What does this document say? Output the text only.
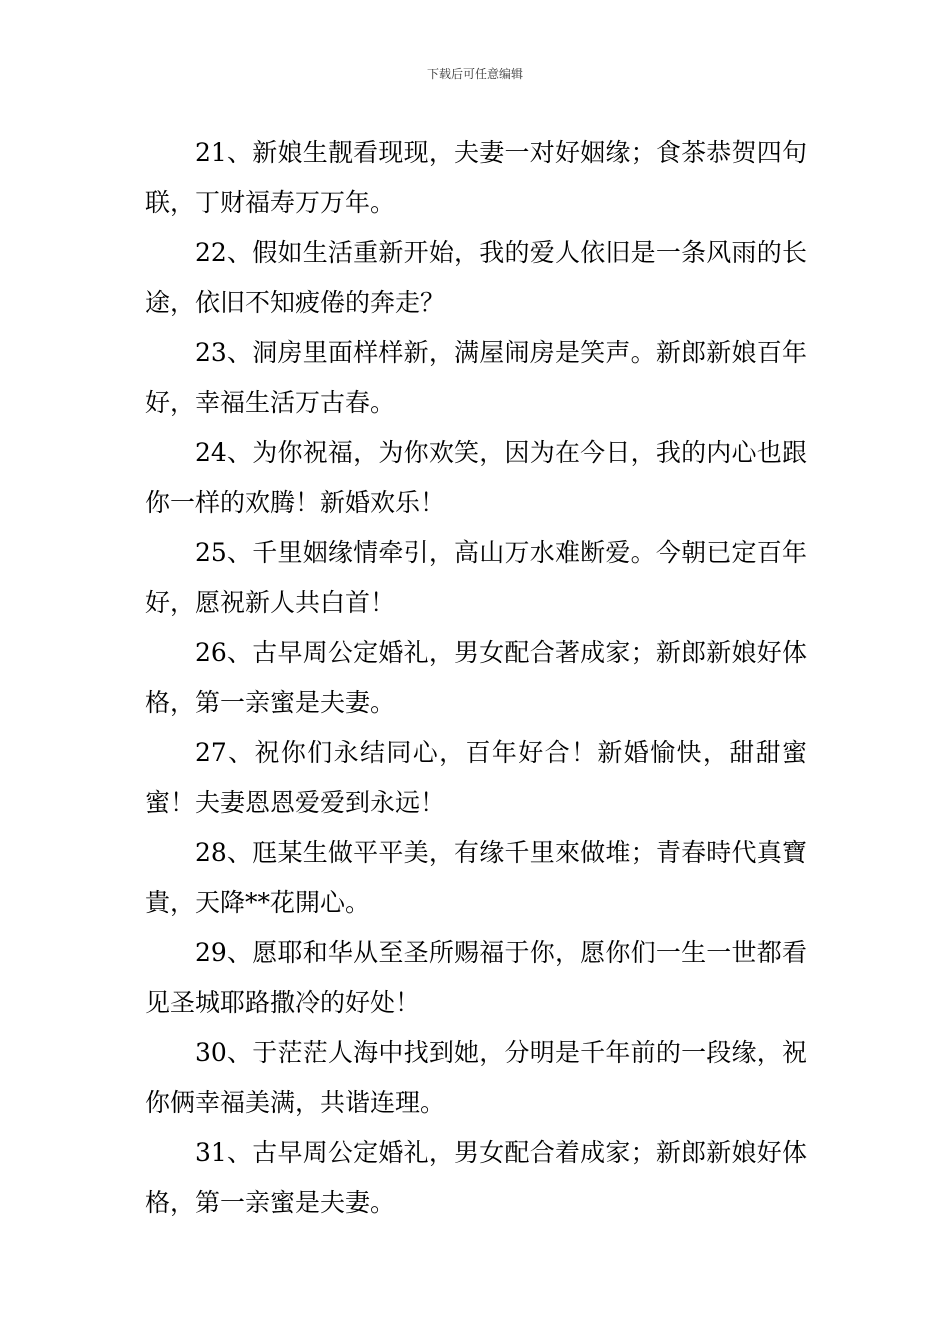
下载后可任意编辑

21、新娘生靓看现现，夫妻一对好姻缘；食茶恭贺四句联，丁财福寿万万年。

22、假如生活重新开始，我的爱人依旧是一条风雨的长途，依旧不知疲倦的奔走？

23、洞房里面样样新，满屋闹房是笑声。新郎新娘百年好，幸福生活万古春。

24、为你祝福，为你欢笑，因为在今日，我的内心也跟你一样的欢腾！新婚欢乐！

25、千里姻缘情牵引，高山万水难断爱。今朝已定百年好，愿祝新人共白首！

26、古早周公定婚礼，男女配合著成家；新郎新娘好体格，第一亲蜜是夫妻。

27、祝你们永结同心，百年好合！新婚愉快，甜甜蜜蜜！夫妻恩恩爱爱到永远！

28、尫某生做平平美，有缘千里來做堆；青春時代真寶貴，天降**花開心。

29、愿耶和华从至圣所赐福于你，愿你们一生一世都看见圣城耶路撒冷的好处！

30、于茫茫人海中找到她，分明是千年前的一段缘，祝你俩幸福美满，共谐连理。

31、古早周公定婚礼，男女配合着成家；新郎新娘好体格，第一亲蜜是夫妻。
